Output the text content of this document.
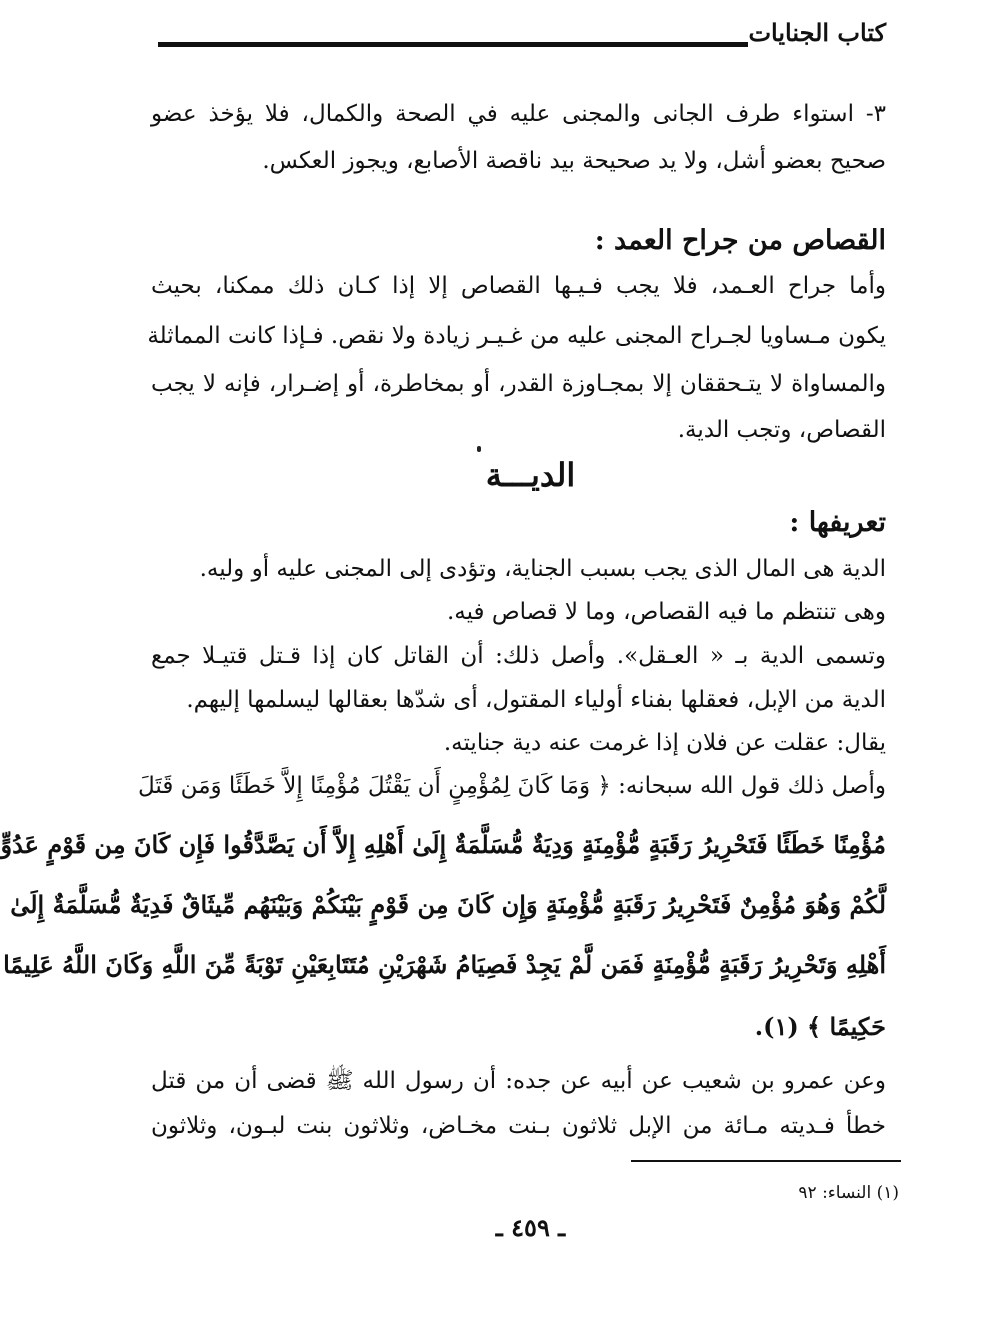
كتاب الجنايات
٣- استواء طرف الجانى والمجنى عليه في الصحة والكمال، فلا يؤخذ عضو
صحيح بعضو أشل، ولا يد صحيحة بيد ناقصة الأصابع، ويجوز العكس.
القصاص من جراح العمد :
وأما جراح العـمد، فلا يجب فـيـها القصاص إلا إذا كـان ذلك ممكنا، بحيث
يكون مـساويا لجـراح المجنى عليه من غـيـر زيادة ولا نقص. فـإذا كانت المماثلة
والمساواة لا يتـحققان إلا بمجـاوزة القدر، أو بمخاطرة، أو إضـرار، فإنه لا يجب
القصاص، وتجب الدية.
الديـــة
تعريفها :
الدية هى المال الذى يجب بسبب الجناية، وتؤدى إلى المجنى عليه أو وليه.
وهى تنتظم ما فيه القصاص، وما لا قصاص فيه.
وتسمى الدية بـ « العـقل». وأصل ذلك: أن القاتل كان إذا قـتل قتيـلا جمع
الدية من الإبل، فعقلها بفناء أولياء المقتول، أى شدّها بعقالها ليسلمها إليهم.
يقال: عقلت عن فلان إذا غرمت عنه دية جنايته.
وأصل ذلك قول الله سبحانه: ﴿ وَمَا كَانَ لِمُؤْمِنٍ أَن يَقْتُلَ مُؤْمِنًا إِلاَّ خَطَئًا وَمَن قَتَلَ
مُؤْمِنًا خَطَئًا فَتَحْرِيرُ رَقَبَةٍ مُّؤْمِنَةٍ وَدِيَةٌ مُّسَلَّمَةٌ إِلَىٰ أَهْلِهِ إِلاَّ أَن يَصَّدَّقُوا فَإِن كَانَ مِن قَوْمٍ عَدُوٍّ
لَّكُمْ وَهُوَ مُؤْمِنٌ فَتَحْرِيرُ رَقَبَةٍ مُّؤْمِنَةٍ وَإِن كَانَ مِن قَوْمٍ بَيْنَكُمْ وَبَيْنَهُم مِّيثَاقٌ فَدِيَةٌ مُّسَلَّمَةٌ إِلَىٰ
أَهْلِهِ وَتَحْرِيرُ رَقَبَةٍ مُّؤْمِنَةٍ فَمَن لَّمْ يَجِدْ فَصِيَامُ شَهْرَيْنِ مُتَتَابِعَيْنِ تَوْبَةً مِّنَ اللَّهِ وَكَانَ اللَّهُ عَلِيمًا
حَكِيمًا ﴾ (١).
وعن عمرو بن شعيب عن أبيه عن جده: أن رسول الله ﷺ قضى أن من قتل
خطأ فـديته مـائة من الإبل ثلاثون بـنت مخـاض، وثلاثون بنت لبـون، وثلاثون
(١) النساء: ٩٢
ـ ٤٥٩ ـ
